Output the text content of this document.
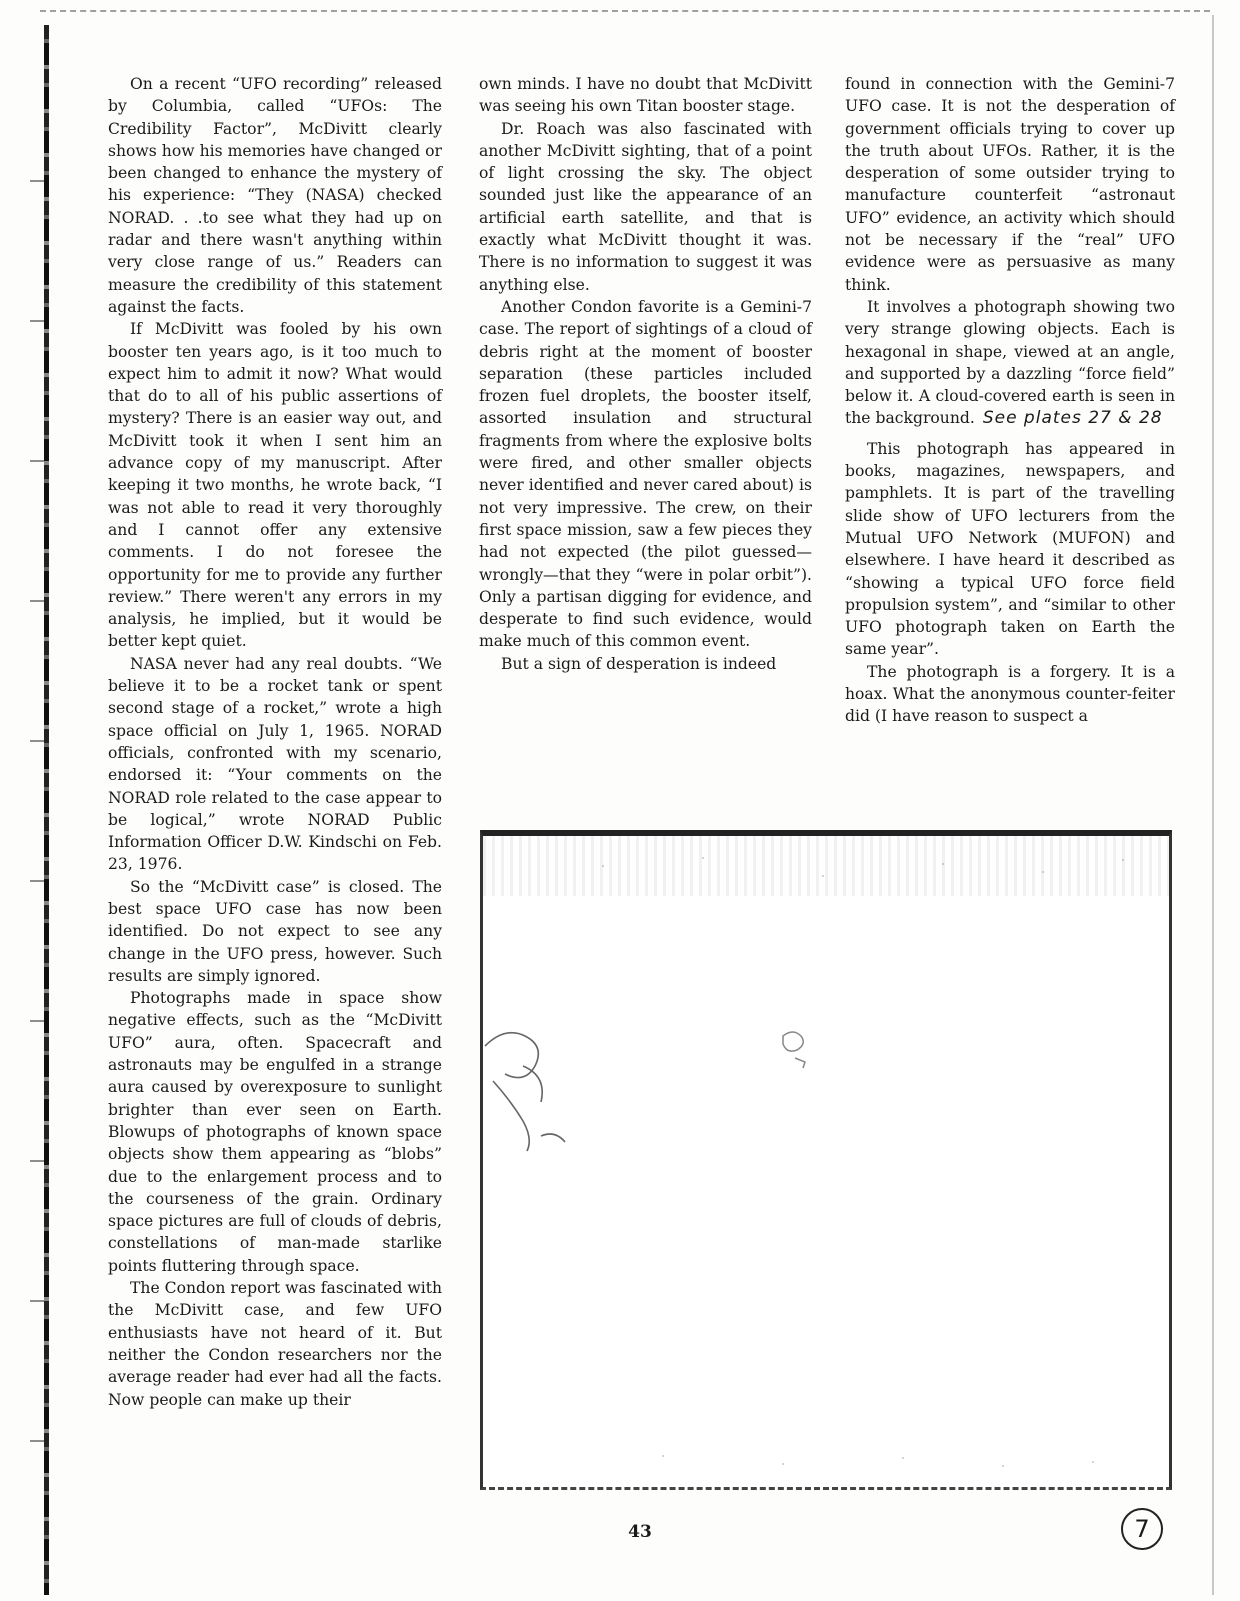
On a recent “UFO recording” released by Columbia, called “UFOs: The Credibility Factor”, McDivitt clearly shows how his memories have changed or been changed to enhance the mystery of his experience: “They (NASA) checked NORAD. . .to see what they had up on radar and there wasn't anything within very close range of us.” Readers can measure the credibility of this statement against the facts.

If McDivitt was fooled by his own booster ten years ago, is it too much to expect him to admit it now? What would that do to all of his public assertions of mystery? There is an easier way out, and McDivitt took it when I sent him an advance copy of my manuscript. After keeping it two months, he wrote back, “I was not able to read it very thoroughly and I cannot offer any extensive comments. I do not foresee the opportunity for me to provide any further review.” There weren't any errors in my analysis, he implied, but it would be better kept quiet.

NASA never had any real doubts. “We believe it to be a rocket tank or spent second stage of a rocket,” wrote a high space official on July 1, 1965. NORAD officials, confronted with my scenario, endorsed it: “Your comments on the NORAD role related to the case appear to be logical,” wrote NORAD Public Information Officer D.W. Kindschi on Feb. 23, 1976.

So the “McDivitt case” is closed. The best space UFO case has now been identified. Do not expect to see any change in the UFO press, however. Such results are simply ignored.

Photographs made in space show negative effects, such as the “McDivitt UFO” aura, often. Spacecraft and astronauts may be engulfed in a strange aura caused by overexposure to sunlight brighter than ever seen on Earth. Blowups of photographs of known space objects show them appearing as “blobs” due to the enlargement process and to the courseness of the grain. Ordinary space pictures are full of clouds of debris, constellations of man-made starlike points fluttering through space.

The Condon report was fascinated with the McDivitt case, and few UFO enthusiasts have not heard of it. But neither the Condon researchers nor the average reader had ever had all the facts. Now people can make up their

own minds. I have no doubt that McDivitt was seeing his own Titan booster stage.

Dr. Roach was also fascinated with another McDivitt sighting, that of a point of light crossing the sky. The object sounded just like the appearance of an artificial earth satellite, and that is exactly what McDivitt thought it was. There is no information to suggest it was anything else.

Another Condon favorite is a Gemini-7 case. The report of sightings of a cloud of debris right at the moment of booster separation (these particles included frozen fuel droplets, the booster itself, assorted insulation and structural fragments from where the explosive bolts were fired, and other smaller objects never identified and never cared about) is not very impressive. The crew, on their first space mission, saw a few pieces they had not expected (the pilot guessed—wrongly—that they “were in polar orbit”). Only a partisan digging for evidence, and desperate to find such evidence, would make much of this common event.

But a sign of desperation is indeed

found in connection with the Gemini-7 UFO case. It is not the desperation of government officials trying to cover up the truth about UFOs. Rather, it is the desperation of some outsider trying to manufacture counterfeit “astronaut UFO” evidence, an activity which should not be necessary if the “real” UFO evidence were as persuasive as many think.

It involves a photograph showing two very strange glowing objects. Each is hexagonal in shape, viewed at an angle, and supported by a dazzling “force field” below it. A cloud-covered earth is seen in the background. See plates 27 & 28

This photograph has appeared in books, magazines, newspapers, and pamphlets. It is part of the travelling slide show of UFO lecturers from the Mutual UFO Network (MUFON) and elsewhere. I have heard it described as “showing a typical UFO force field propulsion system”, and “similar to other UFO photograph taken on Earth the same year”.

The photograph is a forgery. It is a hoax. What the anonymous counter-feiter did (I have reason to suspect a

43	7
